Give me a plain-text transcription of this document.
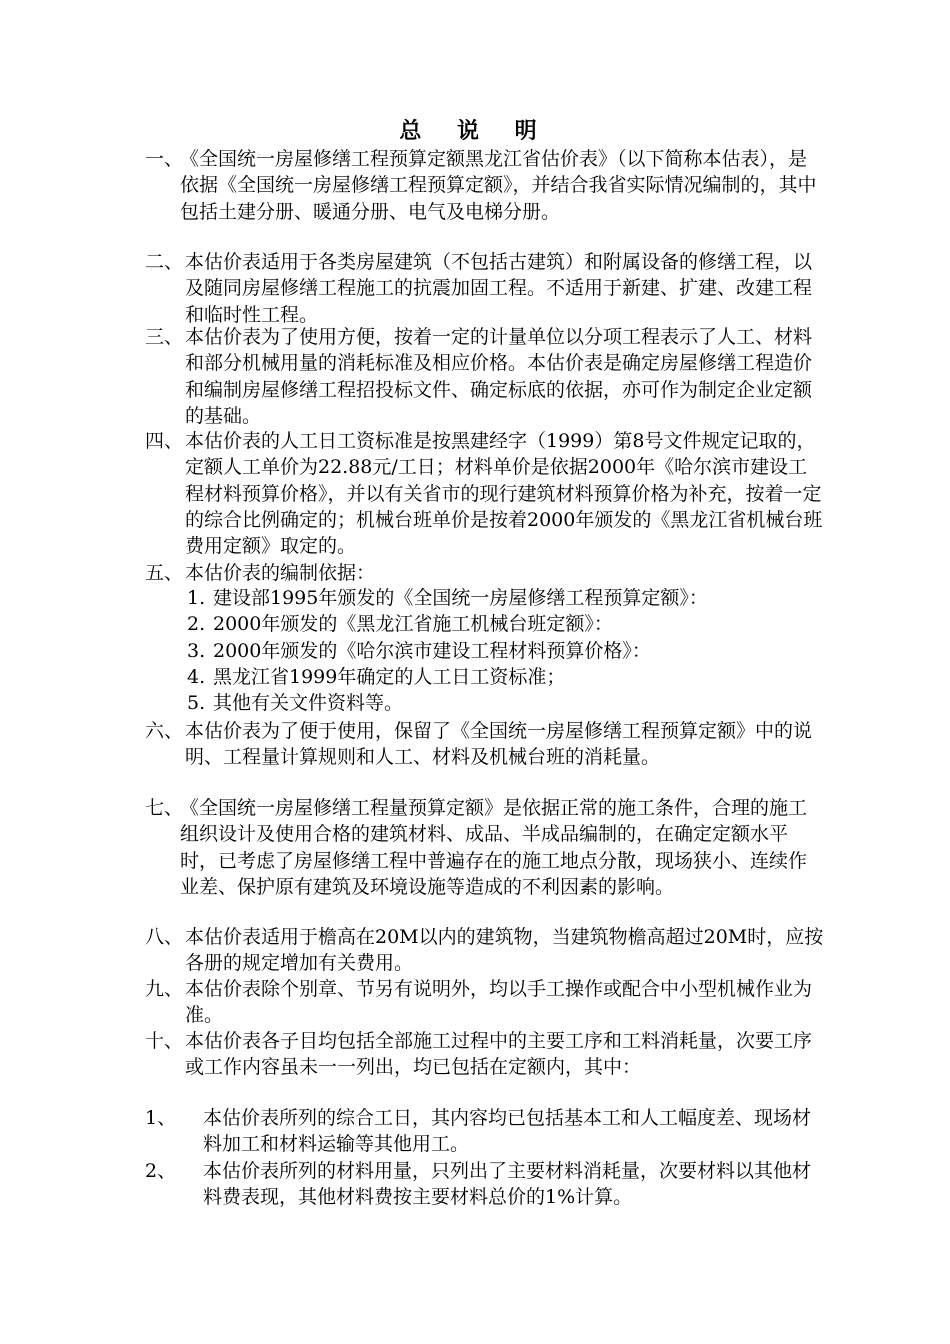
总 说 明
一、
《全国统一房屋修缮工程预算定额黑龙江省估价表》（以下简称本估表），是依据《全国统一房屋修缮工程预算定额》，并结合我省实际情况编制的，其中包括土建分册、暖通分册、电气及电梯分册。
二、 本估价表适用于各类房屋建筑（不包括古建筑）和附属设备的修缮工程，以及随同房屋修缮工程施工的抗震加固工程。不适用于新建、扩建、改建工程和临时性工程。
三、 本估价表为了使用方便，按着一定的计量单位以分项工程表示了人工、材料和部分机械用量的消耗标准及相应价格。本估价表是确定房屋修缮工程造价和编制房屋修缮工程招投标文件、确定标底的依据，亦可作为制定企业定额的基础。
四、 本估价表的人工日工资标准是按黑建经字（1999）第8号文件规定记取的，定额人工单价为22.88元/工日；材料单价是依据2000年《哈尔滨市建设工程材料预算价格》，并以有关省市的现行建筑材料预算价格为补充，按着一定的综合比例确定的；机械台班单价是按着2000年颁发的《黑龙江省机械台班费用定额》取定的。
五、 本估价表的编制依据：
1. 建设部1995年颁发的《全国统一房屋修缮工程预算定额》：
2. 2000年颁发的《黑龙江省施工机械台班定额》：
3. 2000年颁发的《哈尔滨市建设工程材料预算价格》：
4. 黑龙江省1999年确定的人工日工资标准；
5. 其他有关文件资料等。
六、 本估价表为了便于使用，保留了《全国统一房屋修缮工程预算定额》中的说明、工程量计算规则和人工、材料及机械台班的消耗量。
七、
《全国统一房屋修缮工程量预算定额》是依据正常的施工条件，合理的施工组织设计及使用合格的建筑材料、成品、半成品编制的，在确定定额水平时，已考虑了房屋修缮工程中普遍存在的施工地点分散，现场狭小、连续作业差、保护原有建筑及环境设施等造成的不利因素的影响。
八、 本估价表适用于檐高在20M以内的建筑物，当建筑物檐高超过20M时，应按各册的规定增加有关费用。
九、 本估价表除个别章、节另有说明外，均以手工操作或配合中小型机械作业为准。
十、 本估价表各子目均包括全部施工过程中的主要工序和工料消耗量，次要工序或工作内容虽未一一列出，均已包括在定额内，其中：
1、	本估价表所列的综合工日，其内容均已包括基本工和人工幅度差、现场材料加工和材料运输等其他用工。
2、	本估价表所列的材料用量，只列出了主要材料消耗量，次要材料以其他材料费表现，其他材料费按主要材料总价的1%计算。
